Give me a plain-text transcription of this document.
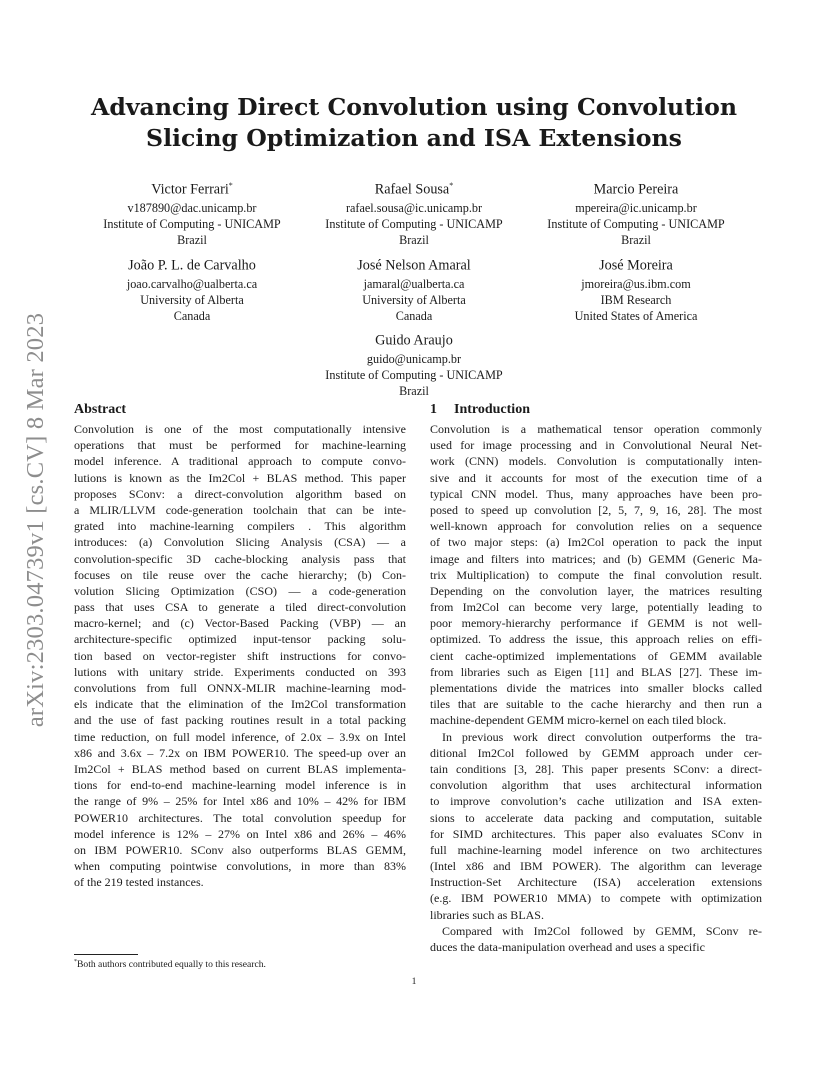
arXiv:2303.04739v1 [cs.CV] 8 Mar 2023
Advancing Direct Convolution using Convolution
Slicing Optimization and ISA Extensions
Victor Ferrari*
v187890@dac.unicamp.br
Institute of Computing - UNICAMP
Brazil
Rafael Sousa*
rafael.sousa@ic.unicamp.br
Institute of Computing - UNICAMP
Brazil
Marcio Pereira
mpereira@ic.unicamp.br
Institute of Computing - UNICAMP
Brazil
João P. L. de Carvalho
joao.carvalho@ualberta.ca
University of Alberta
Canada
José Nelson Amaral
jamaral@ualberta.ca
University of Alberta
Canada
José Moreira
jmoreira@us.ibm.com
IBM Research
United States of America
Guido Araujo
guido@unicamp.br
Institute of Computing - UNICAMP
Brazil
Abstract
Convolution is one of the most computationally intensive
operations that must be performed for machine-learning
model inference. A traditional approach to compute convo-
lutions is known as the Im2Col + BLAS method. This paper
proposes SConv: a direct-convolution algorithm based on
a MLIR/LLVM code-generation toolchain that can be inte-
grated into machine-learning compilers . This algorithm
introduces: (a) Convolution Slicing Analysis (CSA) — a
convolution-specific 3D cache-blocking analysis pass that
focuses on tile reuse over the cache hierarchy; (b) Con-
volution Slicing Optimization (CSO) — a code-generation
pass that uses CSA to generate a tiled direct-convolution
macro-kernel; and (c) Vector-Based Packing (VBP) — an
architecture-specific optimized input-tensor packing solu-
tion based on vector-register shift instructions for convo-
lutions with unitary stride. Experiments conducted on 393
convolutions from full ONNX-MLIR machine-learning mod-
els indicate that the elimination of the Im2Col transformation
and the use of fast packing routines result in a total packing
time reduction, on full model inference, of 2.0x – 3.9x on Intel
x86 and 3.6x – 7.2x on IBM POWER10. The speed-up over an
Im2Col + BLAS method based on current BLAS implementa-
tions for end-to-end machine-learning model inference is in
the range of 9% – 25% for Intel x86 and 10% – 42% for IBM
POWER10 architectures. The total convolution speedup for
model inference is 12% – 27% on Intel x86 and 26% – 46%
on IBM POWER10. SConv also outperforms BLAS GEMM,
when computing pointwise convolutions, in more than 83%
of the 219 tested instances.
1 Introduction
Convolution is a mathematical tensor operation commonly
used for image processing and in Convolutional Neural Net-
work (CNN) models. Convolution is computationally inten-
sive and it accounts for most of the execution time of a
typical CNN model. Thus, many approaches have been pro-
posed to speed up convolution [2, 5, 7, 9, 16, 28]. The most
well-known approach for convolution relies on a sequence
of two major steps: (a) Im2Col operation to pack the input
image and filters into matrices; and (b) GEMM (Generic Ma-
trix Multiplication) to compute the final convolution result.
Depending on the convolution layer, the matrices resulting
from Im2Col can become very large, potentially leading to
poor memory-hierarchy performance if GEMM is not well-
optimized. To address the issue, this approach relies on effi-
cient cache-optimized implementations of GEMM available
from libraries such as Eigen [11] and BLAS [27]. These im-
plementations divide the matrices into smaller blocks called
tiles that are suitable to the cache hierarchy and then run a
machine-dependent GEMM micro-kernel on each tiled block.
In previous work direct convolution outperforms the tra-
ditional Im2Col followed by GEMM approach under cer-
tain conditions [3, 28]. This paper presents SConv: a direct-
convolution algorithm that uses architectural information
to improve convolution’s cache utilization and ISA exten-
sions to accelerate data packing and computation, suitable
for SIMD architectures. This paper also evaluates SConv in
full machine-learning model inference on two architectures
(Intel x86 and IBM POWER). The algorithm can leverage
Instruction-Set Architecture (ISA) acceleration extensions
(e.g. IBM POWER10 MMA) to compete with optimization
libraries such as BLAS.
Compared with Im2Col followed by GEMM, SConv re-
duces the data-manipulation overhead and uses a specific
*Both authors contributed equally to this research.
1
